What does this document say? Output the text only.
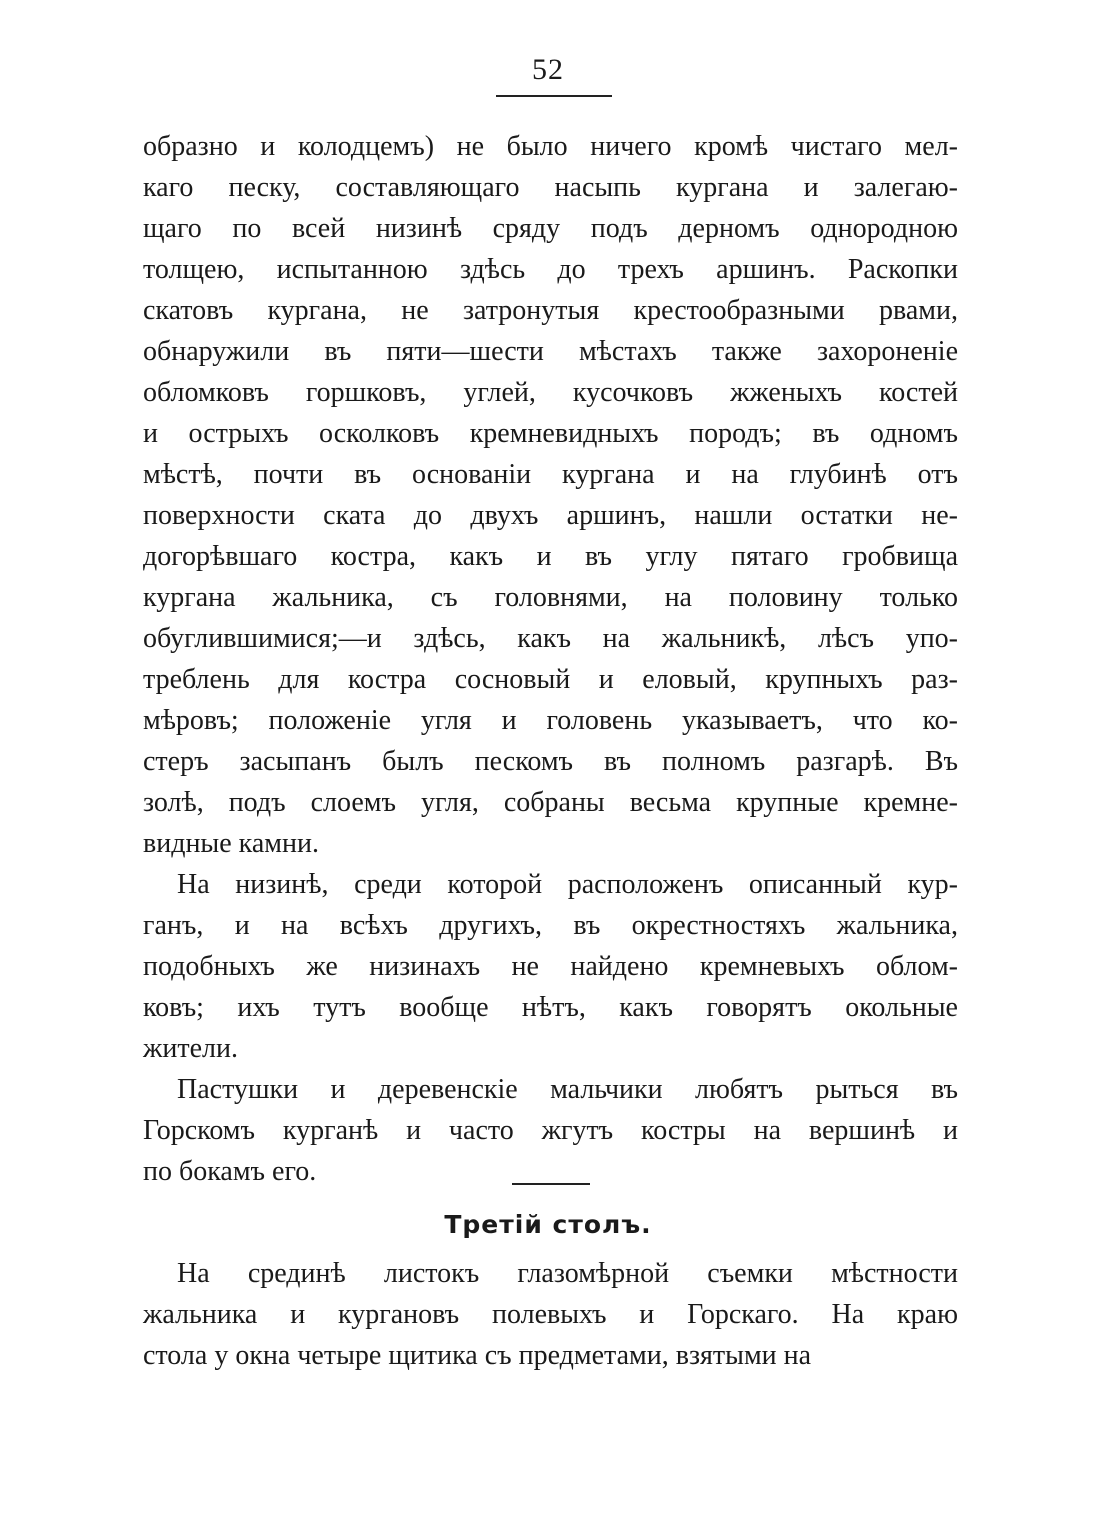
52
образно и колодцемъ) не было ничего кромѣ чистаго мел-
каго песку, составляющаго насыпь кургана и залегаю-
щаго по всей низинѣ сряду подъ дерномъ однородною
толщею, испытанною здѣсь до трехъ аршинъ. Раскопки
скатовъ кургана, не затронутыя крестообразными рвами,
обнаружили въ пяти—шести мѣстахъ также захороненіе
обломковъ горшковъ, углей, кусочковъ жженыхъ костей
и острыхъ осколковъ кремневидныхъ породъ; въ одномъ
мѣстѣ, почти въ основаніи кургана и на глубинѣ отъ
поверхности ската до двухъ аршинъ, нашли остатки не-
догорѣвшаго костра, какъ и въ углу пятаго гробвища
кургана жальника, съ головнями, на половину только
обуглившимися;—и здѣсь, какъ на жальникѣ, лѣсъ упо-
треблень для костра сосновый и еловый, крупныхъ раз-
мѣровъ; положеніе угля и головень указываетъ, что ко-
стеръ засыпанъ былъ пескомъ въ полномъ разгарѣ. Въ
золѣ, подъ слоемъ угля, собраны весьма крупные кремне-
видные камни.
На низинѣ, среди которой расположенъ описанный кур-
ганъ, и на всѣхъ другихъ, въ окрестностяхъ жальника,
подобныхъ же низинахъ не найдено кремневыхъ облом-
ковъ; ихъ тутъ вообще нѣтъ, какъ говорятъ окольные
жители.
Пастушки и деревенскіе мальчики любятъ рыться въ
Горскомъ курганѣ и часто жгутъ костры на вершинѣ и
по бокамъ его.
Третій столъ.
На срединѣ листокъ глазомѣрной съемки мѣстности
жальника и кургановъ полевыхъ и Горскаго. На краю
стола у окна четыре щитика съ предметами, взятыми на
